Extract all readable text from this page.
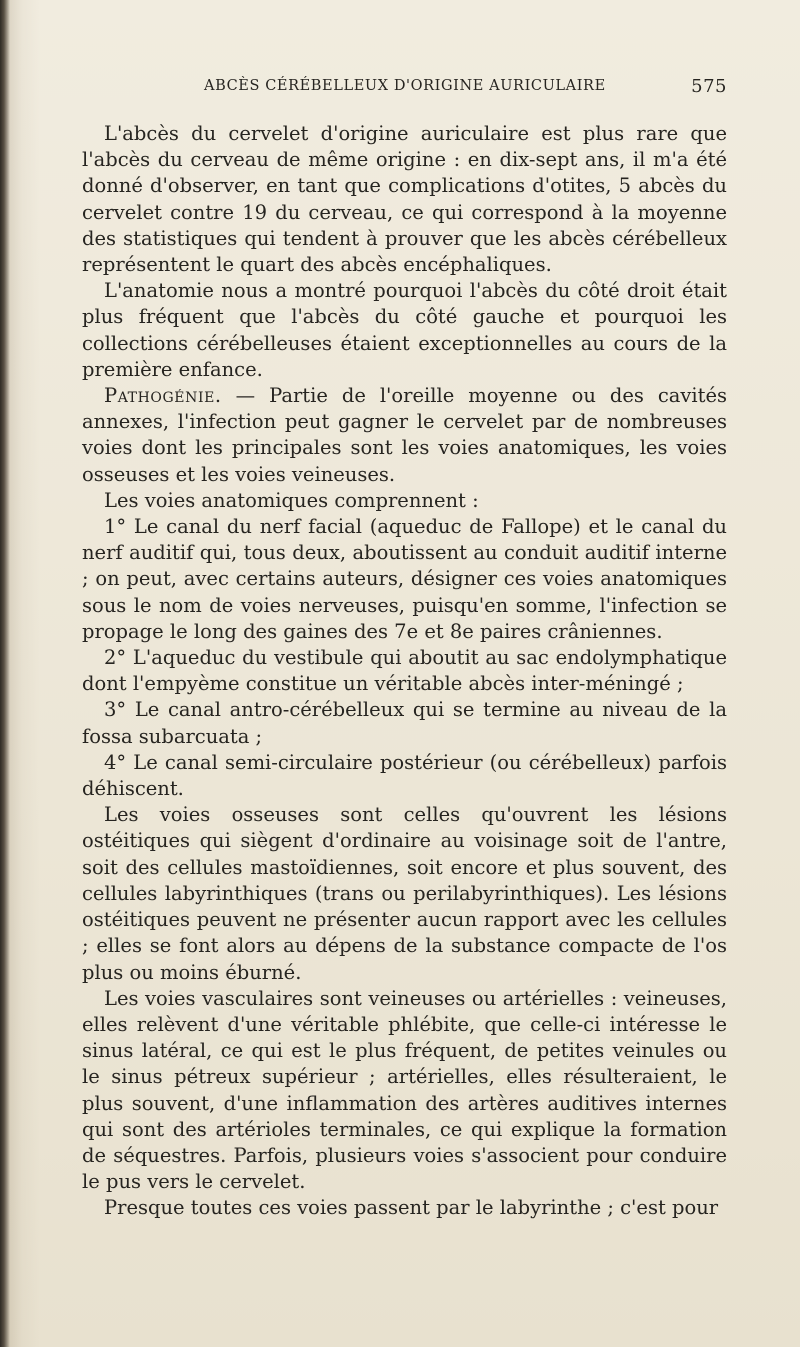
ABCÈS CÉRÉBELLEUX D'ORIGINE AURICULAIRE	575

L'abcès du cervelet d'origine auriculaire est plus rare que l'abcès du cerveau de même origine : en dix-sept ans, il m'a été donné d'observer, en tant que complications d'otites, 5 abcès du cervelet contre 19 du cerveau, ce qui correspond à la moyenne des statistiques qui tendent à prouver que les abcès cérébelleux représentent le quart des abcès encéphaliques.

L'anatomie nous a montré pourquoi l'abcès du côté droit était plus fréquent que l'abcès du côté gauche et pourquoi les collections cérébelleuses étaient exceptionnelles au cours de la première enfance.

Pathogénie. — Partie de l'oreille moyenne ou des cavités annexes, l'infection peut gagner le cervelet par de nombreuses voies dont les principales sont les voies anatomiques, les voies osseuses et les voies veineuses.

Les voies anatomiques comprennent :

1° Le canal du nerf facial (aqueduc de Fallope) et le canal du nerf auditif qui, tous deux, aboutissent au conduit auditif interne ; on peut, avec certains auteurs, désigner ces voies anatomiques sous le nom de voies nerveuses, puisqu'en somme, l'infection se propage le long des gaines des 7e et 8e paires crâniennes.

2° L'aqueduc du vestibule qui aboutit au sac endolymphatique dont l'empyème constitue un véritable abcès inter-méningé ;

3° Le canal antro-cérébelleux qui se termine au niveau de la fossa subarcuata ;

4° Le canal semi-circulaire postérieur (ou cérébelleux) parfois déhiscent.

Les voies osseuses sont celles qu'ouvrent les lésions ostéitiques qui siègent d'ordinaire au voisinage soit de l'antre, soit des cellules mastoïdiennes, soit encore et plus souvent, des cellules labyrinthiques (trans ou perilabyrinthiques). Les lésions ostéitiques peuvent ne présenter aucun rapport avec les cellules ; elles se font alors au dépens de la substance compacte de l'os plus ou moins éburné.

Les voies vasculaires sont veineuses ou artérielles : veineuses, elles relèvent d'une véritable phlébite, que celle-ci intéresse le sinus latéral, ce qui est le plus fréquent, de petites veinules ou le sinus pétreux supérieur ; artérielles, elles résulteraient, le plus souvent, d'une inflammation des artères auditives internes qui sont des artérioles terminales, ce qui explique la formation de séquestres. Parfois, plusieurs voies s'associent pour conduire le pus vers le cervelet.

Presque toutes ces voies passent par le labyrinthe ; c'est pour
